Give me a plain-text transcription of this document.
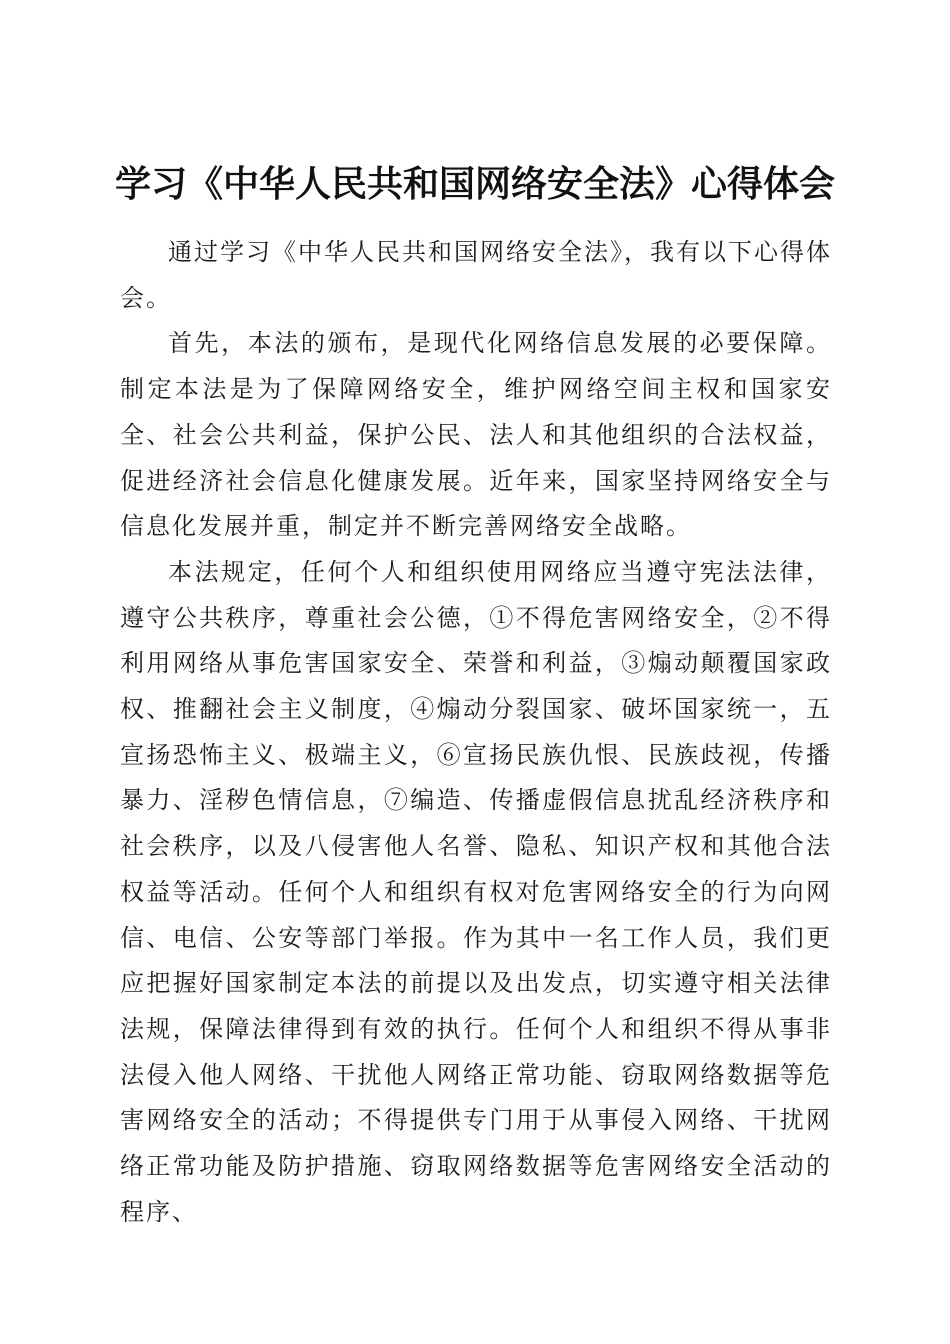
学习《中华人民共和国网络安全法》心得体会

通过学习《中华人民共和国网络安全法》，我有以下心得体会。

首先，本法的颁布，是现代化网络信息发展的必要保障。制定本法是为了保障网络安全，维护网络空间主权和国家安全、社会公共利益，保护公民、法人和其他组织的合法权益，促进经济社会信息化健康发展。近年来，国家坚持网络安全与信息化发展并重，制定并不断完善网络安全战略。

本法规定，任何个人和组织使用网络应当遵守宪法法律，遵守公共秩序，尊重社会公德，①不得危害网络安全，②不得利用网络从事危害国家安全、荣誉和利益，③煽动颠覆国家政权、推翻社会主义制度，④煽动分裂国家、破坏国家统一，五宣扬恐怖主义、极端主义，⑥宣扬民族仇恨、民族歧视，传播暴力、淫秽色情信息，⑦编造、传播虚假信息扰乱经济秩序和社会秩序，以及八侵害他人名誉、隐私、知识产权和其他合法权益等活动。任何个人和组织有权对危害网络安全的行为向网信、电信、公安等部门举报。作为其中一名工作人员，我们更应把握好国家制定本法的前提以及出发点，切实遵守相关法律法规，保障法律得到有效的执行。任何个人和组织不得从事非法侵入他人网络、干扰他人网络正常功能、窃取网络数据等危害网络安全的活动；不得提供专门用于从事侵入网络、干扰网络正常功能及防护措施、窃取网络数据等危害网络安全活动的程序、
